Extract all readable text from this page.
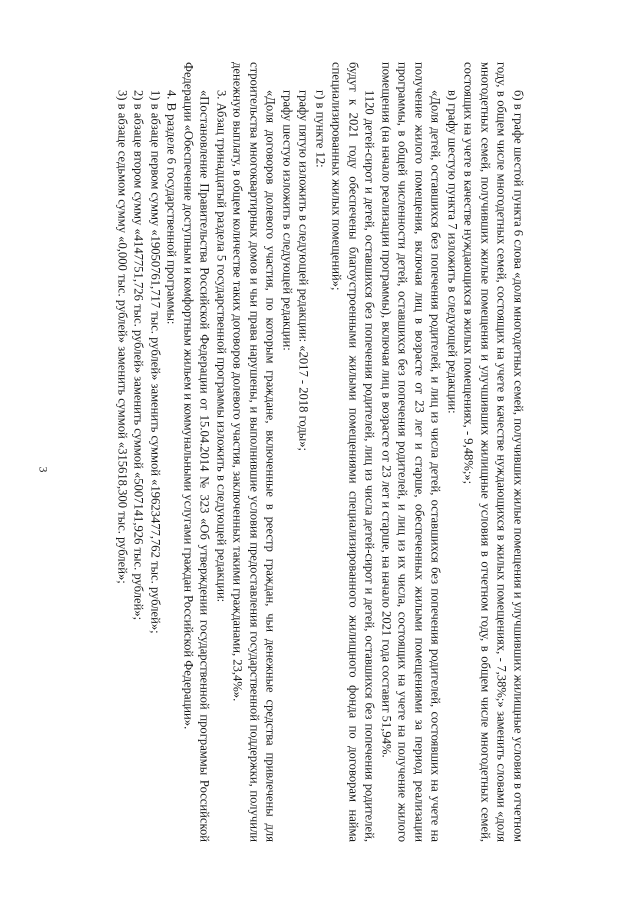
3	б) в графе шестой пункта 6 слова «доля многодетных семей, получивших жилые помещения и улучшивших жилищные условия в отчетном году, в общем числе многодетных семей, состоящих на учете в качестве нуждающихся в жилых помещениях, - 7,38%;» заменить словами «доля многодетных семей, получивших жилые помещения и улучшивших жилищные условия в отчетном году, в общем числе многодетных семей, состоящих на учете в качестве нуждающихся в жилых помещениях, - 9,48%;»;

в) графу шестую пункта 7 изложить в следующей редакции:

«Доля детей, оставшихся без попечения родителей, и лиц из числа детей, оставшихся без попечения родителей, состоявших на учете на получение жилого помещения, включая лиц в возрасте от 23 лет и старше, обеспеченных жилыми помещениями за период реализации программы, в общей численности детей, оставшихся без попечения родителей, и лиц из их числа, состоящих на учете на получение жилого помещения (на начало реализации программы), включая лиц в возрасте от 23 лет и старше, на начало 2021 года составит 51,94%.

1120 детей-сирот и детей, оставшихся без попечения родителей, лиц из числа детей-сирот и детей, оставшихся без попечения родителей, будут к 2021 году обеспечены благоустроенными жилыми помещениями специализированного жилищного фонда по договорам найма специализированных жилых помещений»;

г) в пункте 12:

графу пятую изложить в следующей редакции: «2017 - 2018 годы»;

графу шестую изложить в следующей редакции:

«Доля договоров долевого участия, по которым граждане, включенные в реестр граждан, чьи денежные средства привлечены для строительства многоквартирных домов и чьи права нарушены, и выполнившие условия предоставления государственной поддержки, получили денежную выплату, в общем количестве таких договоров долевого участия, заключенных такими гражданами, 23,4%».

3. Абзац тринадцатый раздела 5 государственной программы изложить в следующей редакции:

«Постановление Правительства Российской Федерации от 15.04.2014 № 323 «Об утверждении государственной программы Российской Федерации «Обеспечение доступным и комфортным жильем и коммунальными услугами граждан Российской Федерации».

4. В разделе 6 государственной программы:

1) в абзаце первом сумму «19050761,717 тыс. рублей» заменить суммой «19623477,762 тыс. рублей»;

2) в абзаце втором сумму «4147751,726 тыс. рублей» заменить суммой «5007141,926 тыс. рублей»;

3) в абзаце седьмом сумму «0,000 тыс. рублей» заменить суммой «315618,300 тыс. рублей»;
